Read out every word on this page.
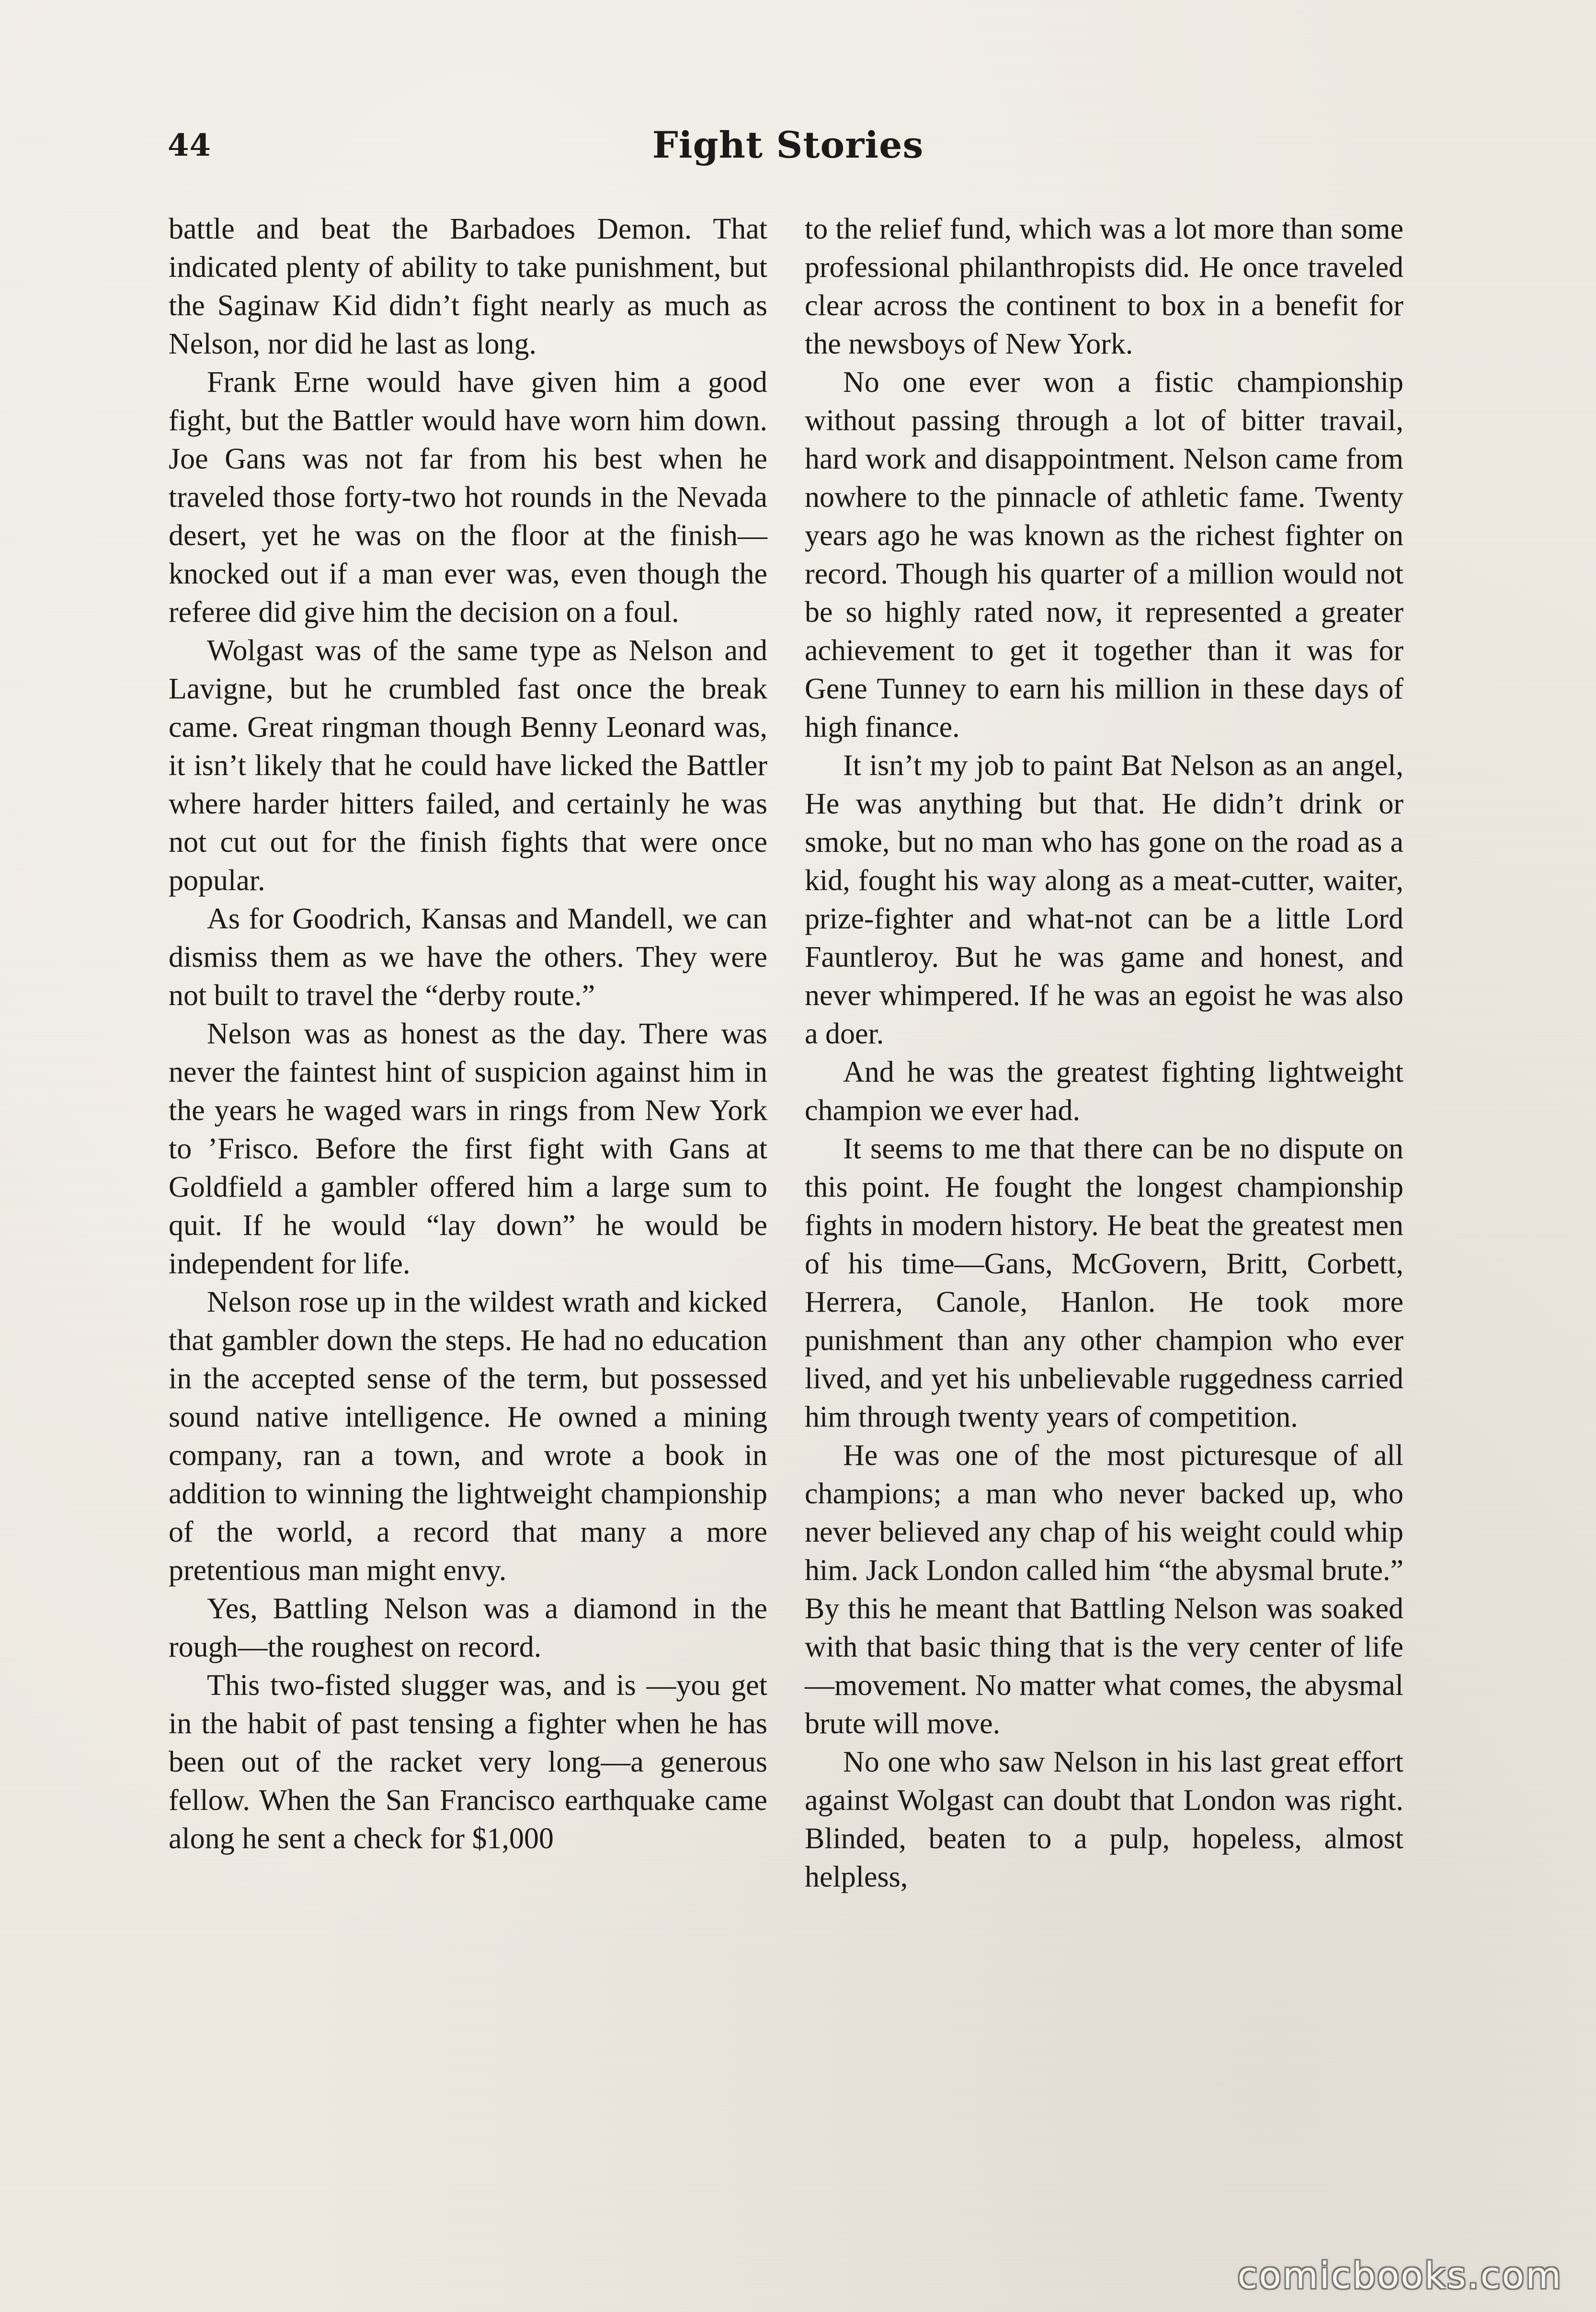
44	Fight Stories

battle and beat the Barbadoes Demon. That indicated plenty of ability to take punishment, but the Saginaw Kid didn’t fight nearly as much as Nelson, nor did he last as long.

Frank Erne would have given him a good fight, but the Battler would have worn him down. Joe Gans was not far from his best when he traveled those forty-two hot rounds in the Nevada desert, yet he was on the floor at the finish—knocked out if a man ever was, even though the referee did give him the decision on a foul.

Wolgast was of the same type as Nelson and Lavigne, but he crumbled fast once the break came. Great ringman though Benny Leonard was, it isn’t likely that he could have licked the Battler where harder hitters failed, and certainly he was not cut out for the finish fights that were once popular.

As for Goodrich, Kansas and Mandell, we can dismiss them as we have the others. They were not built to travel the “derby route.”

Nelson was as honest as the day. There was never the faintest hint of suspicion against him in the years he waged wars in rings from New York to ’Frisco. Before the first fight with Gans at Goldfield a gambler offered him a large sum to quit. If he would “lay down” he would be independent for life.

Nelson rose up in the wildest wrath and kicked that gambler down the steps. He had no education in the accepted sense of the term, but possessed sound native intelligence. He owned a mining company, ran a town, and wrote a book in addition to winning the lightweight championship of the world, a record that many a more pretentious man might envy.

Yes, Battling Nelson was a diamond in the rough—the roughest on record.

This two-fisted slugger was, and is —you get in the habit of past tensing a fighter when he has been out of the racket very long—a generous fellow. When the San Francisco earthquake came along he sent a check for $1,000

to the relief fund, which was a lot more than some professional philanthropists did. He once traveled clear across the continent to box in a benefit for the newsboys of New York.

No one ever won a fistic championship without passing through a lot of bitter travail, hard work and disappointment. Nelson came from nowhere to the pinnacle of athletic fame. Twenty years ago he was known as the richest fighter on record. Though his quarter of a million would not be so highly rated now, it represented a greater achievement to get it together than it was for Gene Tunney to earn his million in these days of high finance.

It isn’t my job to paint Bat Nelson as an angel, He was anything but that. He didn’t drink or smoke, but no man who has gone on the road as a kid, fought his way along as a meat-cutter, waiter, prize-fighter and what-not can be a little Lord Fauntleroy. But he was game and honest, and never whimpered. If he was an egoist he was also a doer.

And he was the greatest fighting lightweight champion we ever had.

It seems to me that there can be no dispute on this point. He fought the longest championship fights in modern history. He beat the greatest men of his time—Gans, McGovern, Britt, Corbett, Herrera, Canole, Hanlon. He took more punishment than any other champion who ever lived, and yet his unbelievable ruggedness carried him through twenty years of competition.

He was one of the most picturesque of all champions; a man who never backed up, who never believed any chap of his weight could whip him. Jack London called him “the abysmal brute.” By this he meant that Battling Nelson was soaked with that basic thing that is the very center of life—movement. No matter what comes, the abysmal brute will move.

No one who saw Nelson in his last great effort against Wolgast can doubt that London was right. Blinded, beaten to a pulp, hopeless, almost helpless,

comicbooks.com
